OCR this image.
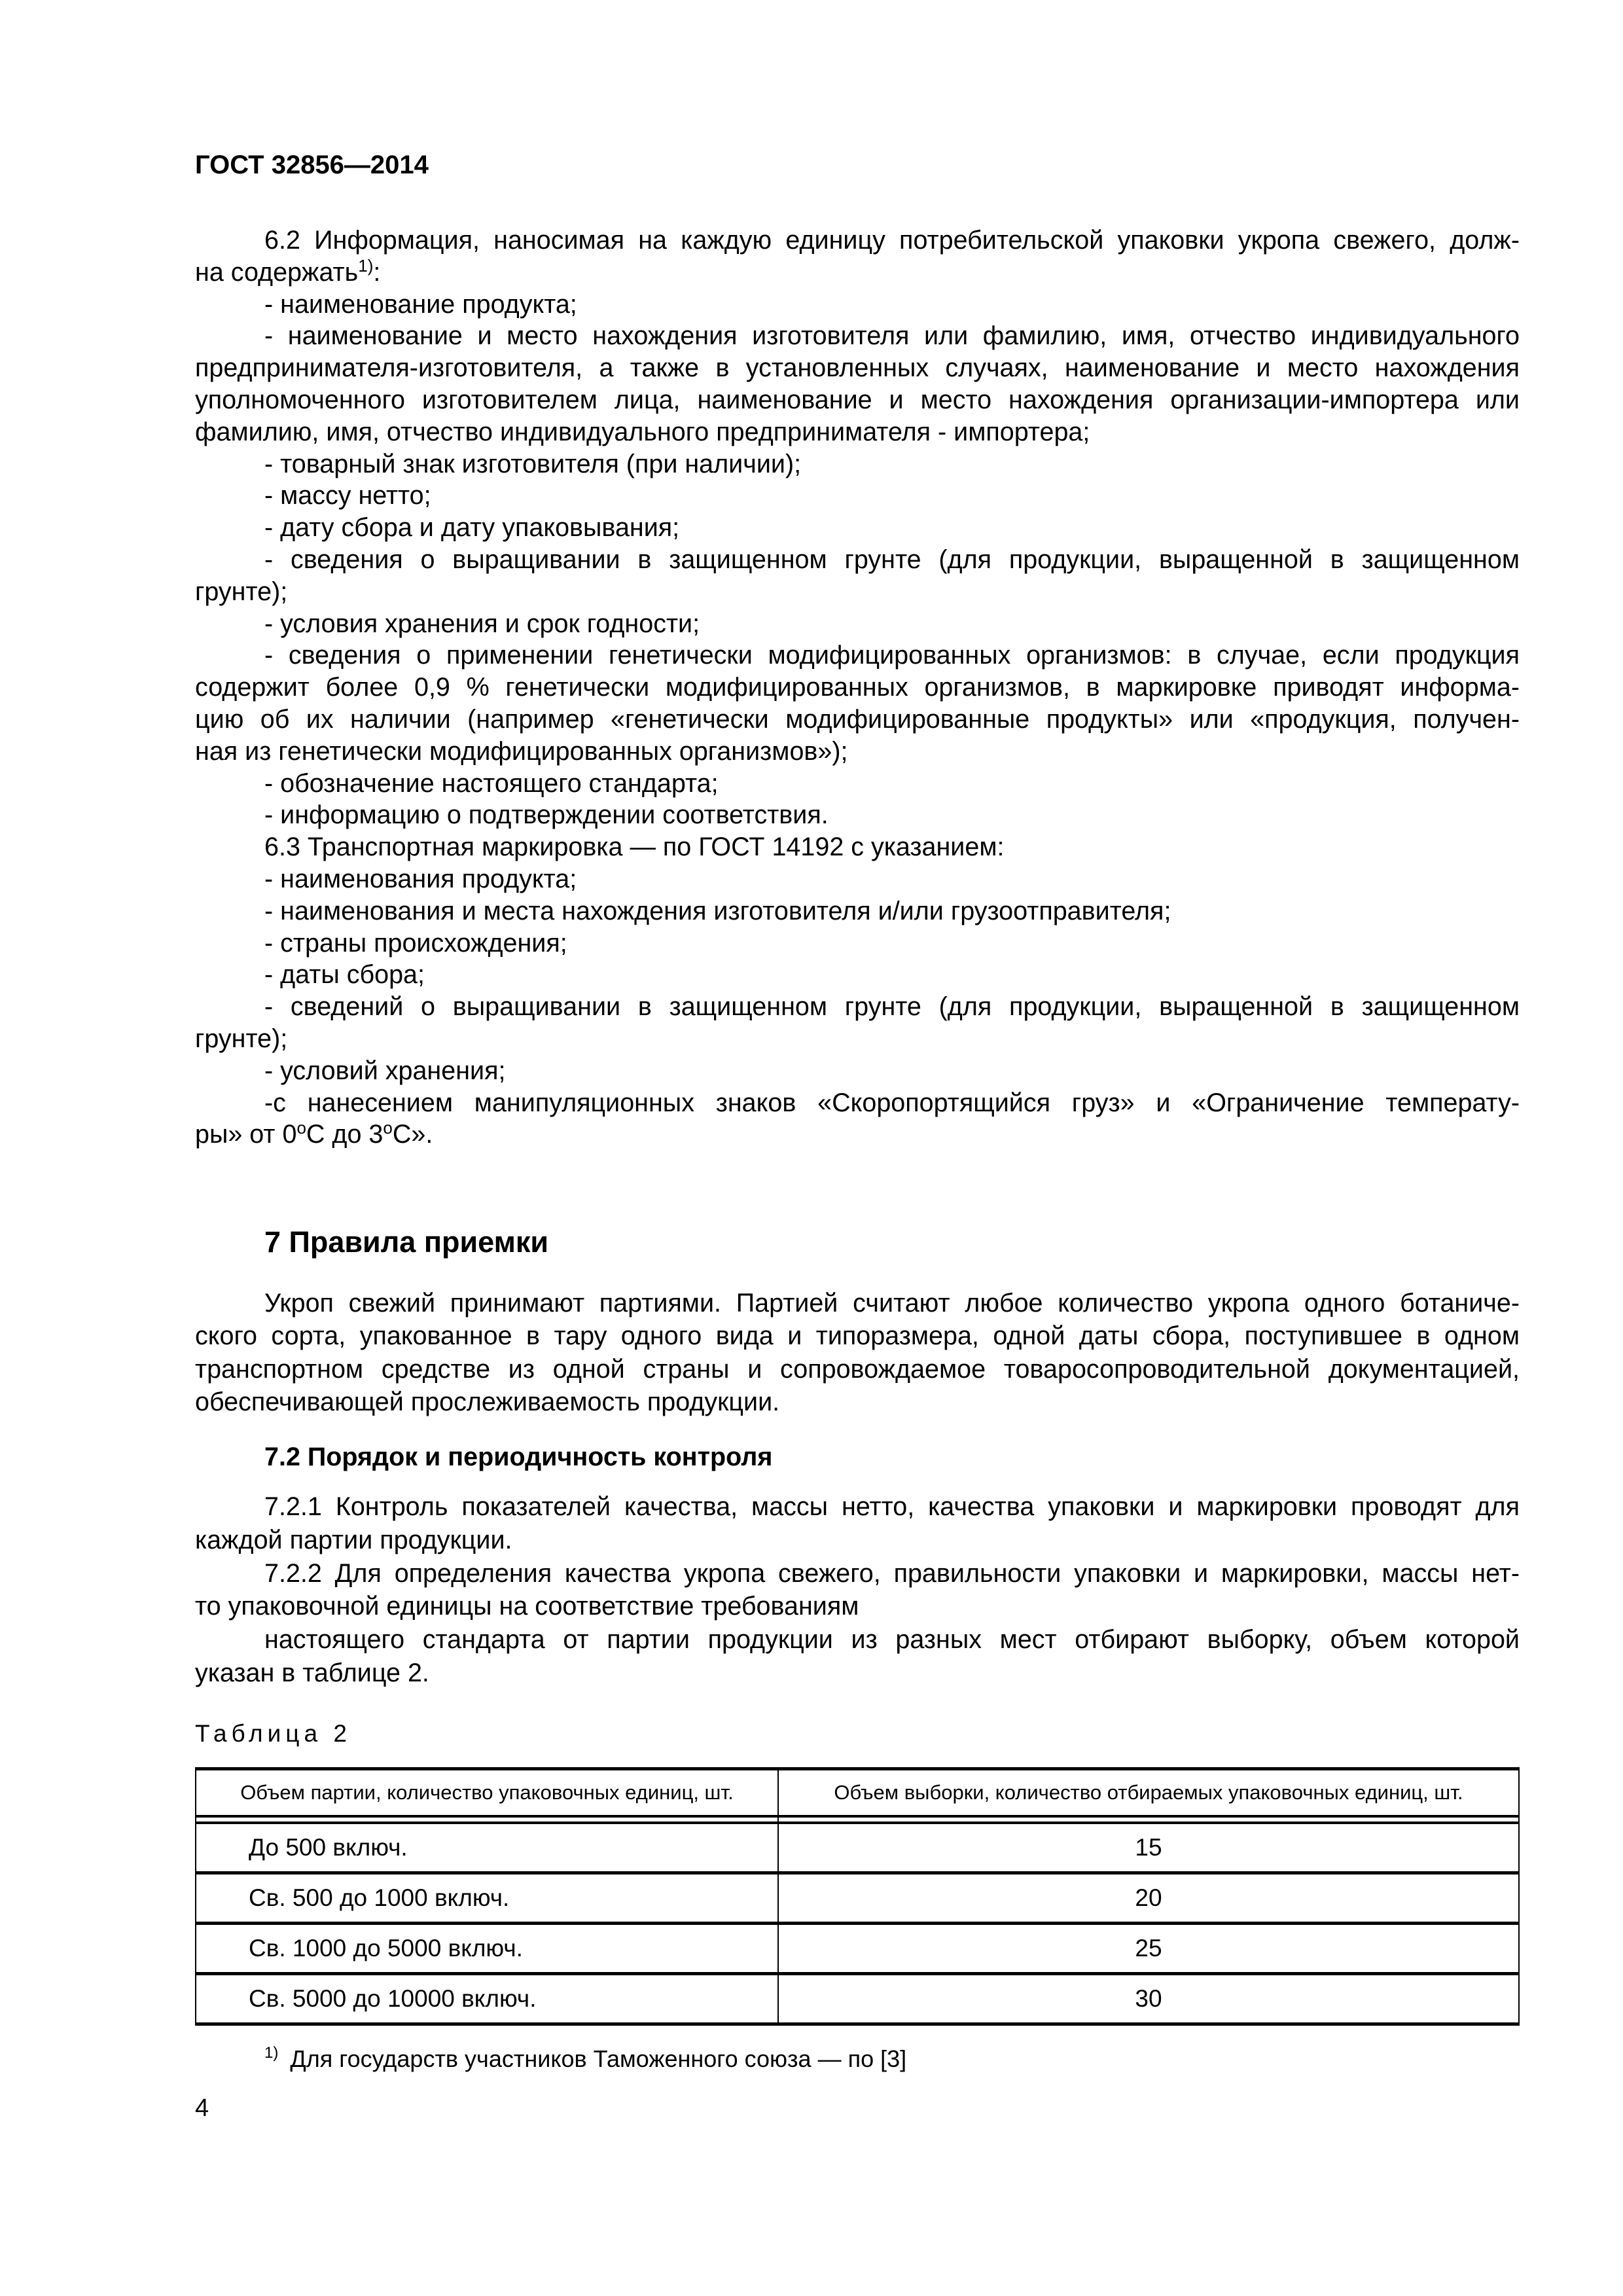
ГОСТ 32856—2014
6.2 Информация, наносимая на каждую единицу потребительской упаковки укропа свежего, долж-
на содержать$^{1)}$:
- наименование продукта;
- наименование и место нахождения изготовителя или фамилию, имя, отчество индивидуального
предпринимателя-изготовителя, а также в установленных случаях, наименование и место нахождения
уполномоченного изготовителем лица, наименование и место нахождения организации-импортера или
фамилию, имя, отчество индивидуального предпринимателя - импортера;
- товарный знак изготовителя (при наличии);
- массу нетто;
- дату сбора и дату упаковывания;
- сведения о выращивании в защищенном грунте (для продукции, выращенной в защищенном
грунте);
- условия хранения и срок годности;
- сведения о применении генетически модифицированных организмов: в случае, если продукция
содержит более 0,9 % генетически модифицированных организмов, в маркировке приводят информа-
цию об их наличии (например «генетически модифицированные продукты» или «продукция, получен-
ная из генетически модифицированных организмов»);
- обозначение настоящего стандарта;
- информацию о подтверждении соответствия.
6.3 Транспортная маркировка — по ГОСТ 14192 с указанием:
- наименования продукта;
- наименования и места нахождения изготовителя и/или грузоотправителя;
- страны происхождения;
- даты сбора;
- сведений о выращивании в защищенном грунте (для продукции, выращенной в защищенном
грунте);
- условий хранения;
-с нанесением манипуляционных знаков «Скоропортящийся груз» и «Ограничение температу-
ры» от $0^оС$ до $3^оС$».
7 Правила приемки
Укроп свежий принимают партиями. Партией считают любое количество укропа одного ботаниче-
ского сорта, упакованное в тару одного вида и типоразмера, одной даты сбора, поступившее в одном
транспортном средстве из одной страны и сопровождаемое товаросопроводительной документацией,
обеспечивающей прослеживаемость продукции.
7.2 Порядок и периодичность контроля
7.2.1 Контроль показателей качества, массы нетто, качества упаковки и маркировки проводят для
каждой партии продукции.
7.2.2 Для определения качества укропа свежего, правильности упаковки и маркировки, массы нет-
то упаковочной единицы на соответствие требованиям
настоящего стандарта от партии продукции из разных мест отбирают выборку, объем которой
указан в таблице 2.
Таблица 2
Объем партии, количество упаковочных единиц, шт.	Объем выборки, количество отбираемых упаковочных единиц, шт.

До 500 включ.	15
Св. 500 до 1000 включ.	20
Св. 1000 до 5000 включ.	25
Св. 5000 до 10000 включ.	30
$^{1)}$ Для государств участников Таможенного союза — по [3]
4
